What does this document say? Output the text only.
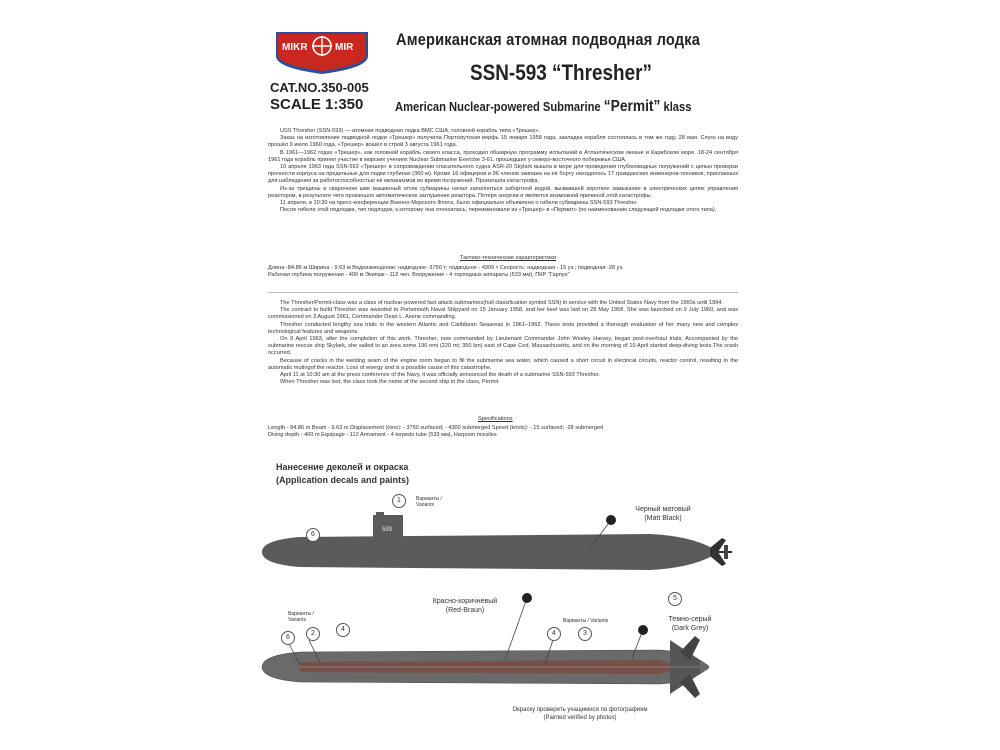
MIKR	MIR
CAT.NO.350-005
SCALE 1:350
Американская атомная подводная лодка
SSN-593 “Thresher”
American Nuclear-powered Submarine “Permit” klass

USS Thresher (SSN-593) — атомная подводная лодка ВМС США, головной корабль типа «Трешер».

Заказ на изготовление подводной лодки «Трешер» получила Портсмутская верфь 15 января 1958 года, закладка корабля состоялась в том же году, 28 мая. Спуск на воду прошёл 9 июля 1960 года. «Трешер» вошёл в строй 3 августа 1961 года.

В 1961—1962 годах «Трешер», как головной корабль своего класса, проходил обширную программу испытаний в Атлантическом океане и Карибском море. 18-24 сентября 1961 года корабль принял участие в морских учениях Nuclear Submarine Exercise 3-61, прошедших у северо-восточного побережья США.

10 апреля 1963 года SSN-593 «Трешер» в сопровождении спасательного судна ASR-20 Skylark вышла в море для проведения глубоководных погружений с целью проверки прочности корпуса на предельных для лодки глубинах (360 м). Кроме 16 офицеров и 96 членов экипажа на её борту находилось 17 гражданских инженеров-техников, присланных для наблюдения за работоспособностью её механизмов во время погружений. Произошла катастрофа.

Из-за трещины в сварочном шве машинный отсек субмарины начал заполняться забортной водой, вызвавшей короткое замыкание в электрических цепях управления реактором, в результате чего произошло автоматическое заглушение реактора. Потеря энергии и является возможной причиной этой катастрофы.

11 апреля, в 10:30 на пресс-конференции Военно-Морского Флота, было официально объявлено о гибели субмарины SSN-593 Thresher.

После гибели этой подлодки, тип подлодок, к которому она относилась, переименовали из «Трешер» в «Пермит» (по наименованию следующей подлодки этого типа).

Тактико-технические характеристики
Длина -84.86 м Ширина - 9.63 м Водоизмещение: надводное -3750 т; подводное - 4300 т Скорость: надводная - 15 уз.; подводная -28 уз.
Рабочая глубина погружения - 400 м Экипаж - 112 чел. Вооружение - 4 торпедных аппараты (533 мм), ПКР "Гарпун"

The Thresher/Permit-class was a class of nuclear-powered fast attack submarines(hull classification symbol SSN) in service with the United States Navy from the 1960s until 1994.

The contract to build Thresher was awarded to Portsmouth Naval Shipyard on 15 January 1958, and her keel was laid on 28 May 1958. She was launched on 9 July 1960, and was commissioned on 3 August 1961, Commander Dean L. Axene commanding.

Thresher conducted lengthy sea trials in the western Atlantic and Caribbean Seaareas in 1961–1962. These tests provided a thorough evaluation of her many new and complex technological features and weapons.

On 9 April 1963, after the completion of this work, Thresher, now commanded by Lieutenant Commander John Wesley Harvey, began post-overhaul trials. Accompanied by the submarine rescue ship Skylark, she sailed to an area some 190 nmi (220 mi; 350 km) east of Cape Cod, Massachusetts, and on the morning of 10 April started deep-diving tests.The crash occurred.

Because of cracks in the welding seam of the engine room began to fill the submarine sea water, which caused a short circuit in electrical circuits, reactor control, resulting in the automatic mutingof the reactor. Loss of energy and is a possible cause of this catastrophe.

April 11 at 10:30 am at the press conference of the Navy, it was officially announced the death of a submarine SSN-593 Thresher.

When Thresher was lost, the class took the name of the second ship in the class, Permit.

Specifications
Length - 84.86 m Beam - 9.63 m Displacement (tons): - 3750 surfaced; - 4300 submerged Speed (knots): - 15 surfaced; -28 submerged
Diving depth - 400 m Equipage - 112 Armament - 4 torpedo tube (533 мм), Harpoon missiles
Нанесение деколей и окраска
(Application decals and paints)
593
6
1
5
6
2
4
4	3
Варианты / Variants
Варианты / Variants	Варианты / Variants
Черный матовый
(Matt Black)
Красно-коричневый
(Red-Braun)
Темно-серый
(Dark Grey)
Окраску проверить учащимися по фотографиям
(Painted verified by photos)
